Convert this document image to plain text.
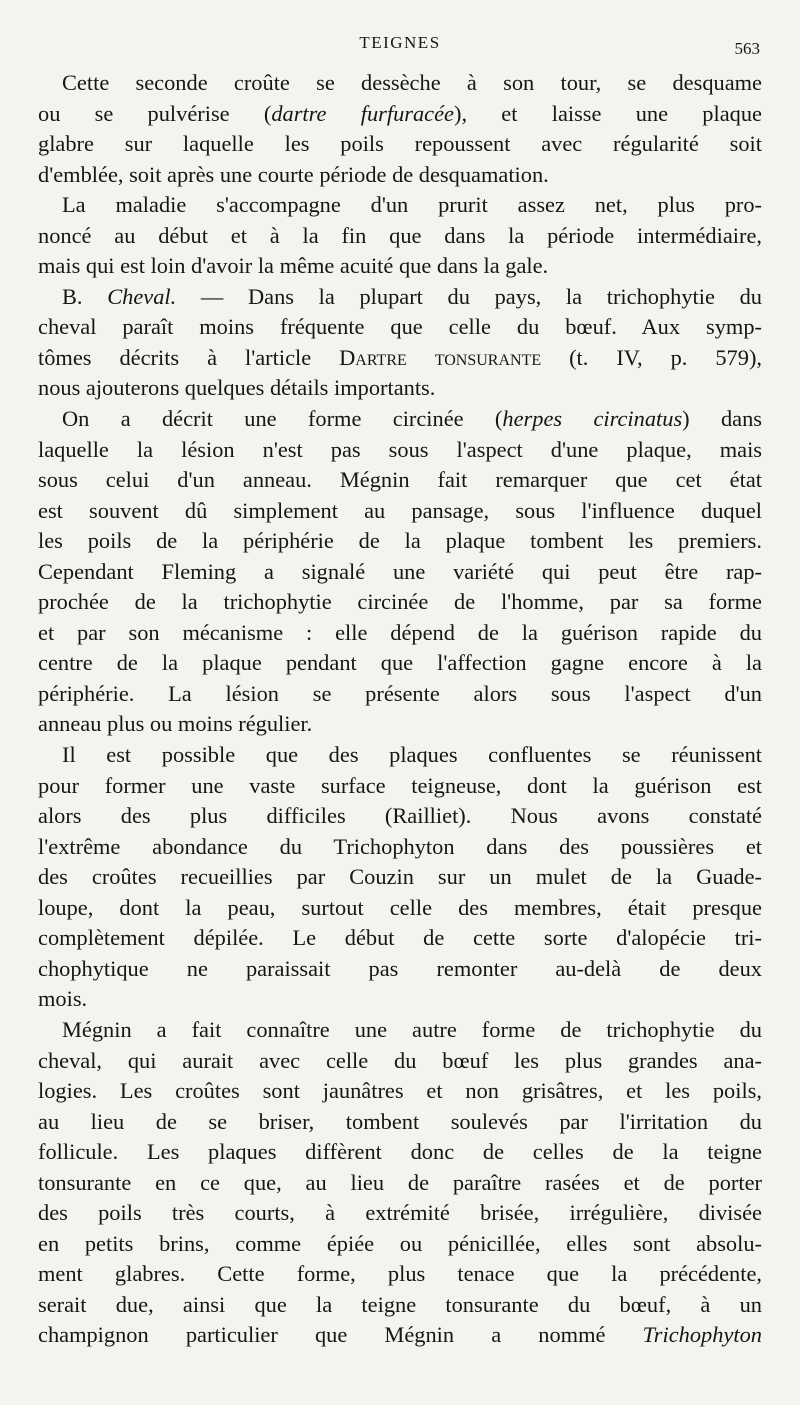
TEIGNES	563
Cette seconde croûte se dessèche à son tour, se desquame
ou se pulvérise (dartre furfuracée), et laisse une plaque
glabre sur laquelle les poils repoussent avec régularité soit
d'emblée, soit après une courte période de desquamation.
La maladie s'accompagne d'un prurit assez net, plus pro-
noncé au début et à la fin que dans la période intermédiaire,
mais qui est loin d'avoir la même acuité que dans la gale.
B. Cheval. — Dans la plupart du pays, la trichophytie du
cheval paraît moins fréquente que celle du bœuf. Aux symp-
tômes décrits à l'article Dartre tonsurante (t. IV, p. 579),
nous ajouterons quelques détails importants.
On a décrit une forme circinée (herpes circinatus) dans
laquelle la lésion n'est pas sous l'aspect d'une plaque, mais
sous celui d'un anneau. Mégnin fait remarquer que cet état
est souvent dû simplement au pansage, sous l'influence duquel
les poils de la périphérie de la plaque tombent les premiers.
Cependant Fleming a signalé une variété qui peut être rap-
prochée de la trichophytie circinée de l'homme, par sa forme
et par son mécanisme : elle dépend de la guérison rapide du
centre de la plaque pendant que l'affection gagne encore à la
périphérie. La lésion se présente alors sous l'aspect d'un
anneau plus ou moins régulier.
Il est possible que des plaques confluentes se réunissent
pour former une vaste surface teigneuse, dont la guérison est
alors des plus difficiles (Railliet). Nous avons constaté
l'extrême abondance du Trichophyton dans des poussières et
des croûtes recueillies par Couzin sur un mulet de la Guade-
loupe, dont la peau, surtout celle des membres, était presque
complètement dépilée. Le début de cette sorte d'alopécie tri-
chophytique ne paraissait pas remonter au-delà de deux
mois.
Mégnin a fait connaître une autre forme de trichophytie du
cheval, qui aurait avec celle du bœuf les plus grandes ana-
logies. Les croûtes sont jaunâtres et non grisâtres, et les poils,
au lieu de se briser, tombent soulevés par l'irritation du
follicule. Les plaques diffèrent donc de celles de la teigne
tonsurante en ce que, au lieu de paraître rasées et de porter
des poils très courts, à extrémité brisée, irrégulière, divisée
en petits brins, comme épiée ou pénicillée, elles sont absolu-
ment glabres. Cette forme, plus tenace que la précédente,
serait due, ainsi que la teigne tonsurante du bœuf, à un
champignon particulier que Mégnin a nommé Trichophyton
